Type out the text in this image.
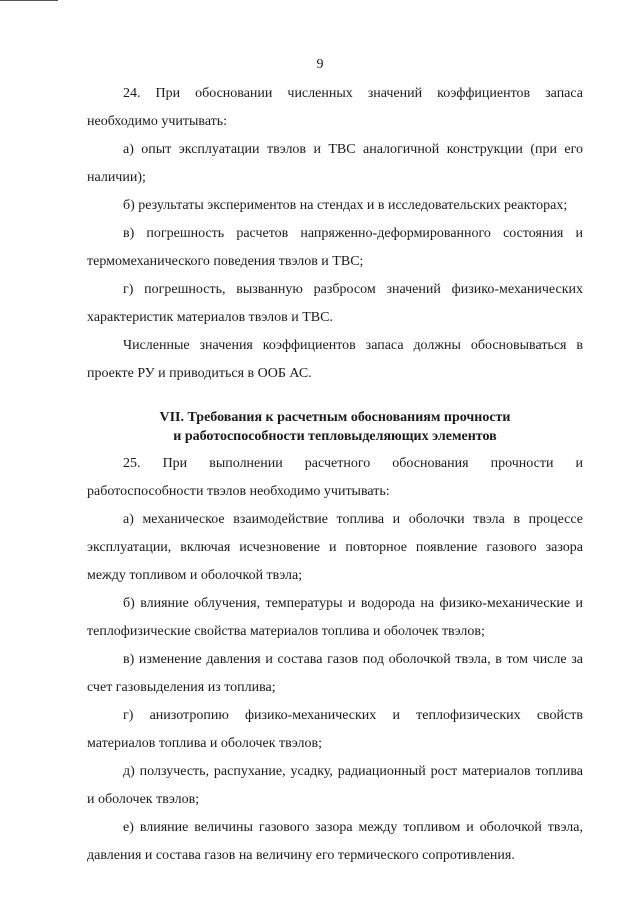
9

24. При обосновании численных значений коэффициентов запаса необходимо учитывать:

а) опыт эксплуатации твэлов и ТВС аналогичной конструкции (при его наличии);

б) результаты экспериментов на стендах и в исследовательских реакторах;

в) погрешность расчетов напряженно-деформированного состояния и термомеханического поведения твэлов и ТВС;

г) погрешность, вызванную разбросом значений физико-механических характеристик материалов твэлов и ТВС.

Численные значения коэффициентов запаса должны обосновываться в проекте РУ и приводиться в ООБ АС.

VII. Требования к расчетным обоснованиям прочности
и работоспособности тепловыделяющих элементов

25. При выполнении расчетного обоснования прочности и работоспособности твэлов необходимо учитывать:

а) механическое взаимодействие топлива и оболочки твэла в процессе эксплуатации, включая исчезновение и повторное появление газового зазора между топливом и оболочкой твэла;

б) влияние облучения, температуры и водорода на физико-механические и теплофизические свойства материалов топлива и оболочек твэлов;

в) изменение давления и состава газов под оболочкой твэла, в том числе за счет газовыделения из топлива;

г) анизотропию физико-механических и теплофизических свойств материалов топлива и оболочек твэлов;

д) ползучесть, распухание, усадку, радиационный рост материалов топлива и оболочек твэлов;

е) влияние величины газового зазора между топливом и оболочкой твэла, давления и состава газов на величину его термического сопротивления.
